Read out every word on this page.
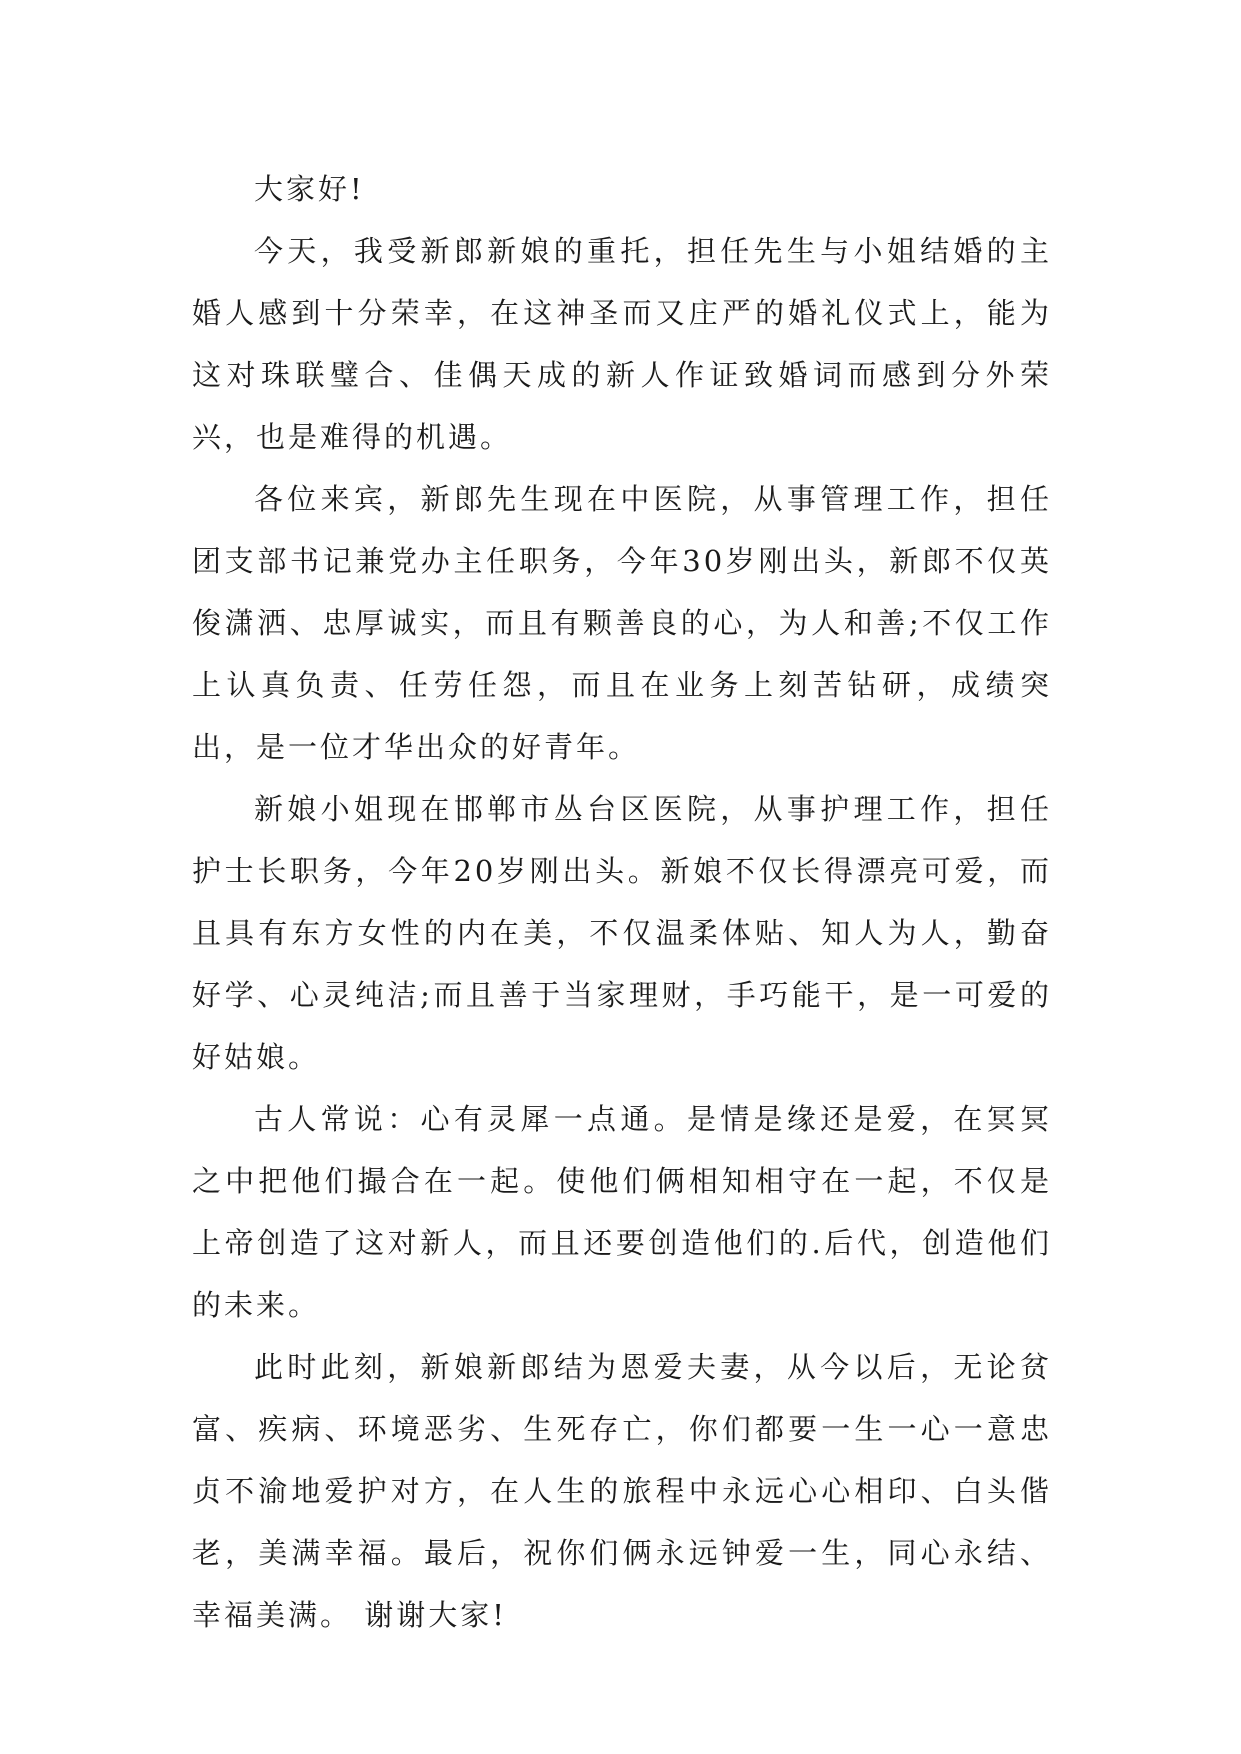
大家好!

今天，我受新郎新娘的重托，担任先生与小姐结婚的主婚人感到十分荣幸，在这神圣而又庄严的婚礼仪式上，能为这对珠联璧合、佳偶天成的新人作证致婚词而感到分外荣兴，也是难得的机遇。

各位来宾，新郎先生现在中医院，从事管理工作，担任团支部书记兼党办主任职务，今年30岁刚出头，新郎不仅英俊潇洒、忠厚诚实，而且有颗善良的心，为人和善;不仅工作上认真负责、任劳任怨，而且在业务上刻苦钻研，成绩突出，是一位才华出众的好青年。

新娘小姐现在邯郸市丛台区医院，从事护理工作，担任护士长职务，今年20岁刚出头。新娘不仅长得漂亮可爱，而且具有东方女性的内在美，不仅温柔体贴、知人为人，勤奋好学、心灵纯洁;而且善于当家理财，手巧能干，是一可爱的好姑娘。

古人常说：心有灵犀一点通。是情是缘还是爱，在冥冥之中把他们撮合在一起。使他们俩相知相守在一起，不仅是上帝创造了这对新人，而且还要创造他们的.后代，创造他们的未来。

此时此刻，新娘新郎结为恩爱夫妻，从今以后，无论贫富、疾病、环境恶劣、生死存亡，你们都要一生一心一意忠贞不渝地爱护对方，在人生的旅程中永远心心相印、白头偕老，美满幸福。最后，祝你们俩永远钟爱一生，同心永结、幸福美满。 谢谢大家!
